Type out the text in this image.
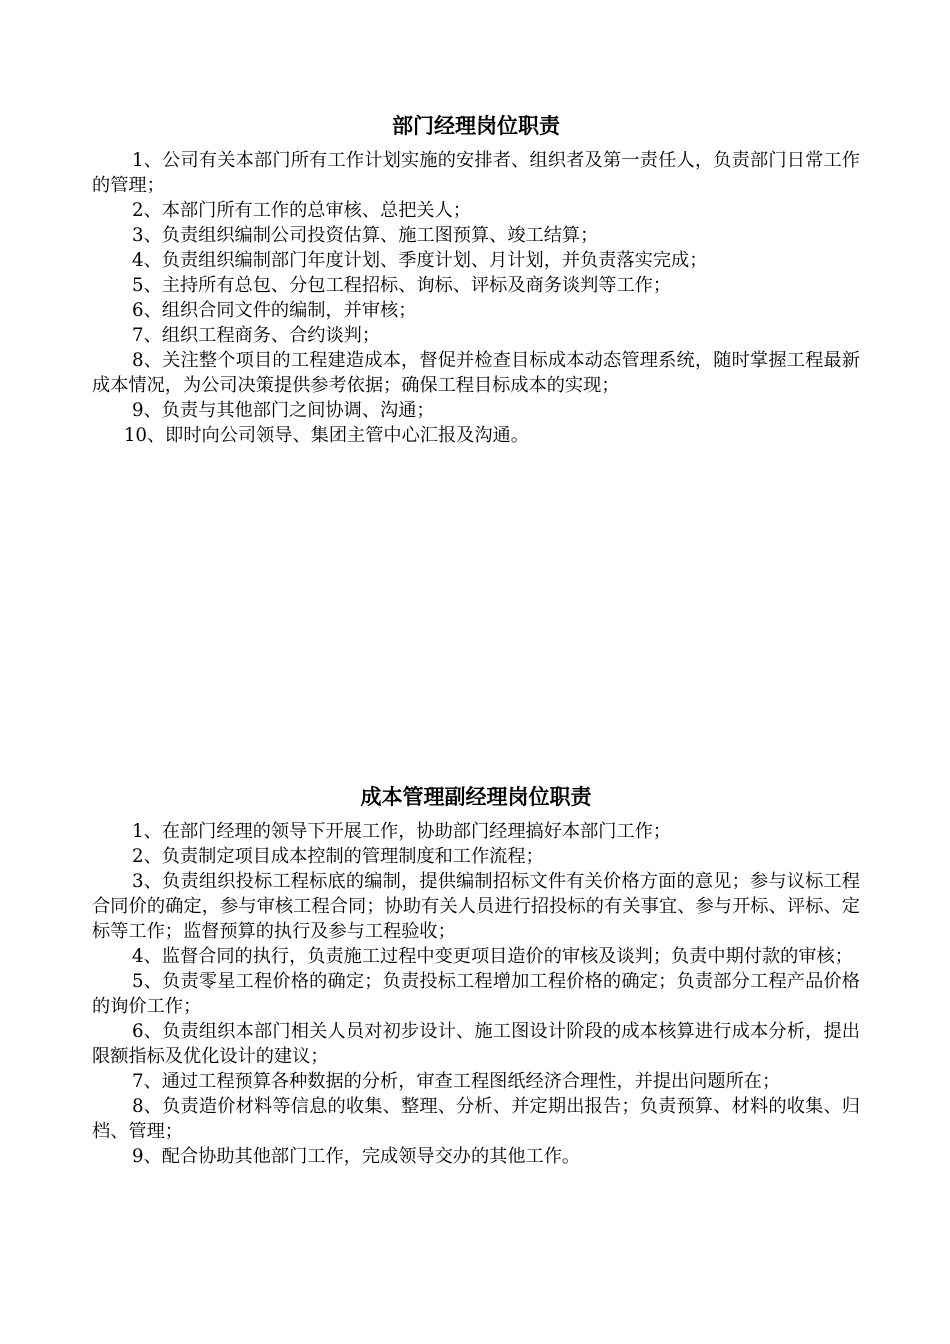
部门经理岗位职责

1、公司有关本部门所有工作计划实施的安排者、组织者及第一责任人，负责部门日常工作的管理；

2、本部门所有工作的总审核、总把关人；

3、负责组织编制公司投资估算、施工图预算、竣工结算；

4、负责组织编制部门年度计划、季度计划、月计划，并负责落实完成；

5、主持所有总包、分包工程招标、询标、评标及商务谈判等工作；

6、组织合同文件的编制，并审核；

7、组织工程商务、合约谈判；

8、关注整个项目的工程建造成本，督促并检查目标成本动态管理系统，随时掌握工程最新成本情况，为公司决策提供参考依据；确保工程目标成本的实现；

9、负责与其他部门之间协调、沟通；

10、即时向公司领导、集团主管中心汇报及沟通。

成本管理副经理岗位职责

1、在部门经理的领导下开展工作，协助部门经理搞好本部门工作；

2、负责制定项目成本控制的管理制度和工作流程；

3、负责组织投标工程标底的编制，提供编制招标文件有关价格方面的意见；参与议标工程合同价的确定，参与审核工程合同；协助有关人员进行招投标的有关事宜、参与开标、评标、定标等工作；监督预算的执行及参与工程验收；

4、监督合同的执行，负责施工过程中变更项目造价的审核及谈判；负责中期付款的审核；

5、负责零星工程价格的确定；负责投标工程增加工程价格的确定；负责部分工程产品价格的询价工作；

6、负责组织本部门相关人员对初步设计、施工图设计阶段的成本核算进行成本分析，提出限额指标及优化设计的建议；

7、通过工程预算各种数据的分析，审查工程图纸经济合理性，并提出问题所在；

8、负责造价材料等信息的收集、整理、分析、并定期出报告；负责预算、材料的收集、归档、管理；

9、配合协助其他部门工作，完成领导交办的其他工作。
